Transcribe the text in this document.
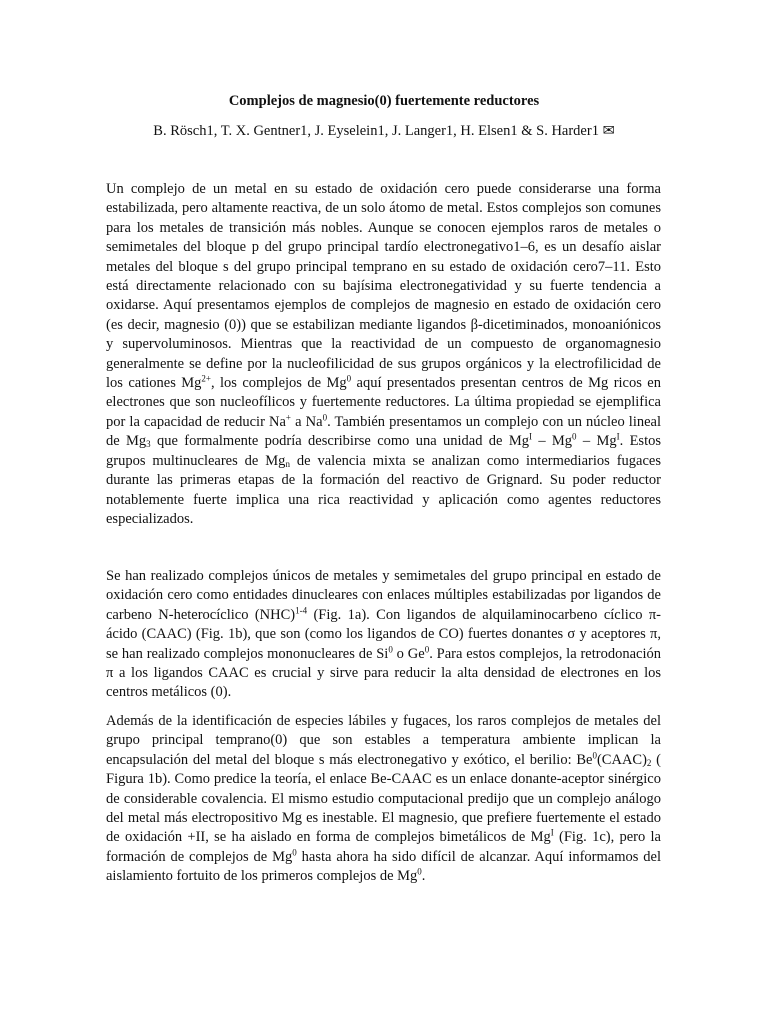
Complejos de magnesio(0) fuertemente reductores
B. Rösch1, T. X. Gentner1, J. Eyselein1, J. Langer1, H. Elsen1 & S. Harder1 ✉

Un complejo de un metal en su estado de oxidación cero puede considerarse una forma estabilizada, pero altamente reactiva, de un solo átomo de metal. Estos complejos son comunes para los metales de transición más nobles. Aunque se conocen ejemplos raros de metales o semimetales del bloque p del grupo principal tardío electronegativo1–6, es un desafío aislar metales del bloque s del grupo principal temprano en su estado de oxidación cero7–11. Esto está directamente relacionado con su bajísima electronegatividad y su fuerte tendencia a oxidarse. Aquí presentamos ejemplos de complejos de magnesio en estado de oxidación cero (es decir, magnesio (0)) que se estabilizan mediante ligandos β-dicetiminados, monoaniónicos y supervoluminosos. Mientras que la reactividad de un compuesto de organomagnesio generalmente se define por la nucleofilicidad de sus grupos orgánicos y la electrofilicidad de los cationes $Mg^{2+}$, los complejos de Mg$^0$ aquí presentados presentan centros de Mg ricos en electrones que son nucleofílicos y fuertemente reductores. La última propiedad se ejemplifica por la capacidad de reducir Na+ a Na$^0$. También presentamos un complejo con un núcleo lineal de $Mg_3$ que formalmente podría describirse como una unidad de $Mg^I - Mg^0 - Mg^I$. Estos grupos multinucleares de $Mg_n$ de valencia mixta se analizan como intermediarios fugaces durante las primeras etapas de la formación del reactivo de Grignard. Su poder reductor notablemente fuerte implica una rica reactividad y aplicación como agentes reductores especializados.

Se han realizado complejos únicos de metales y semimetales del grupo principal en estado de oxidación cero como entidades dinucleares con enlaces múltiples estabilizadas por ligandos de carbeno N-heterocíclico (NHC)$^{1-4}$ (Fig. 1a). Con ligandos de alquilaminocarbeno cíclico π-ácido (CAAC) (Fig. 1b), que son (como los ligandos de CO) fuertes donantes σ y aceptores π, se han realizado complejos mononucleares de Si$^0$ o Ge$^0$. Para estos complejos, la retrodonación π a los ligandos CAAC es crucial y sirve para reducir la alta densidad de electrones en los centros metálicos (0).

Además de la identificación de especies lábiles y fugaces, los raros complejos de metales del grupo principal temprano(0) que son estables a temperatura ambiente implican la encapsulación del metal del bloque s más electronegativo y exótico, el berilio: $Be^0(CAAC)_2$ ( Figura 1b). Como predice la teoría, el enlace Be-CAAC es un enlace donante-aceptor sinérgico de considerable covalencia. El mismo estudio computacional predijo que un complejo análogo del metal más electropositivo Mg es inestable. El magnesio, que prefiere fuertemente el estado de oxidación +II, se ha aislado en forma de complejos bimetálicos de $Mg^I$ (Fig. 1c), pero la formación de complejos de Mg$^0$ hasta ahora ha sido difícil de alcanzar. Aquí informamos del aislamiento fortuito de los primeros complejos de Mg$^0$.
